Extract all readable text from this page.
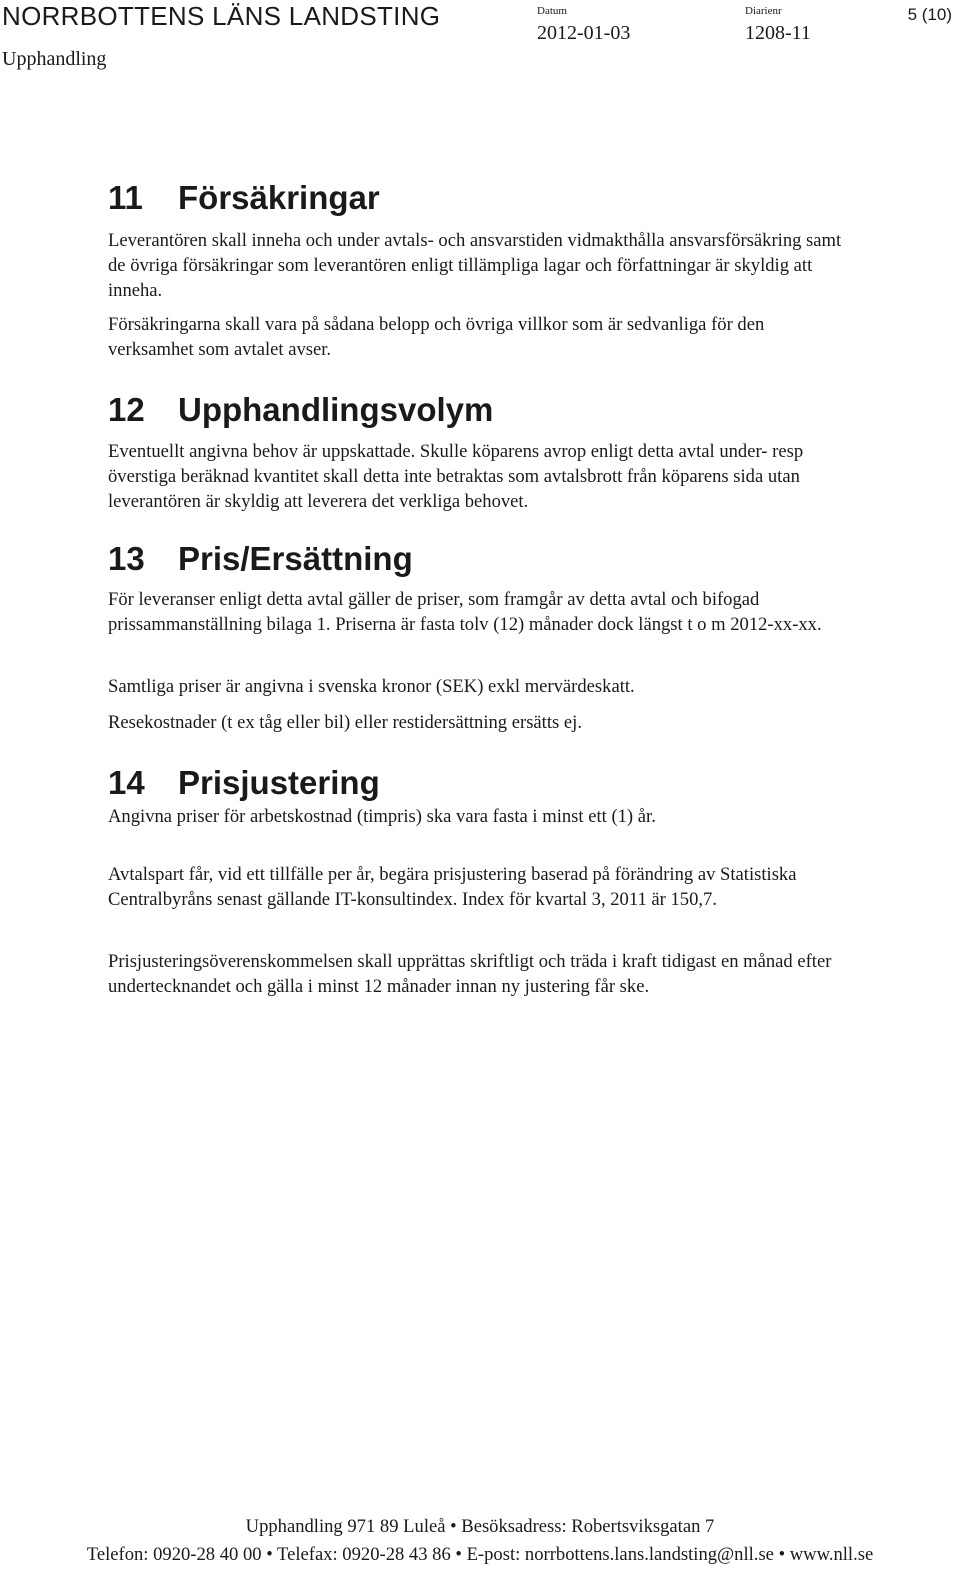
NORRBOTTENS LÄNS LANDSTING
Upphandling
Datum
2012-01-03
Diarienr
1208-11
5 (10)
11 Försäkringar

Leverantören skall inneha och under avtals- och ansvarstiden vidmakthålla ansvarsförsäkring samt de övriga försäkringar som leverantören enligt tillämpliga lagar och författningar är skyldig att inneha.

Försäkringarna skall vara på sådana belopp och övriga villkor som är sedvanliga för den verksamhet som avtalet avser.

12 Upphandlingsvolym

Eventuellt angivna behov är uppskattade. Skulle köparens avrop enligt detta avtal under- resp överstiga beräknad kvantitet skall detta inte betraktas som avtalsbrott från köparens sida utan leverantören är skyldig att leverera det verkliga behovet.

13 Pris/Ersättning

För leveranser enligt detta avtal gäller de priser, som framgår av detta avtal och bifogad prissammanställning bilaga 1. Priserna är fasta tolv (12) månader dock längst t o m 2012-xx-xx.

Samtliga priser är angivna i svenska kronor (SEK) exkl mervärdeskatt.

Resekostnader (t ex tåg eller bil) eller restidersättning ersätts ej.

14 Prisjustering

Angivna priser för arbetskostnad (timpris) ska vara fasta i minst ett (1) år.

Avtalspart får, vid ett tillfälle per år, begära prisjustering baserad på förändring av Statistiska Centralbyråns senast gällande IT-konsultindex. Index för kvartal 3, 2011 är 150,7.

Prisjusteringsöverenskommelsen skall upprättas skriftligt och träda i kraft tidigast en månad efter undertecknandet och gälla i minst 12 månader innan ny justering får ske.

Upphandling 971 89 Luleå • Besöksadress: Robertsviksgatan 7
Telefon: 0920-28 40 00 • Telefax: 0920-28 43 86 • E-post: norrbottens.lans.landsting@nll.se • www.nll.se
